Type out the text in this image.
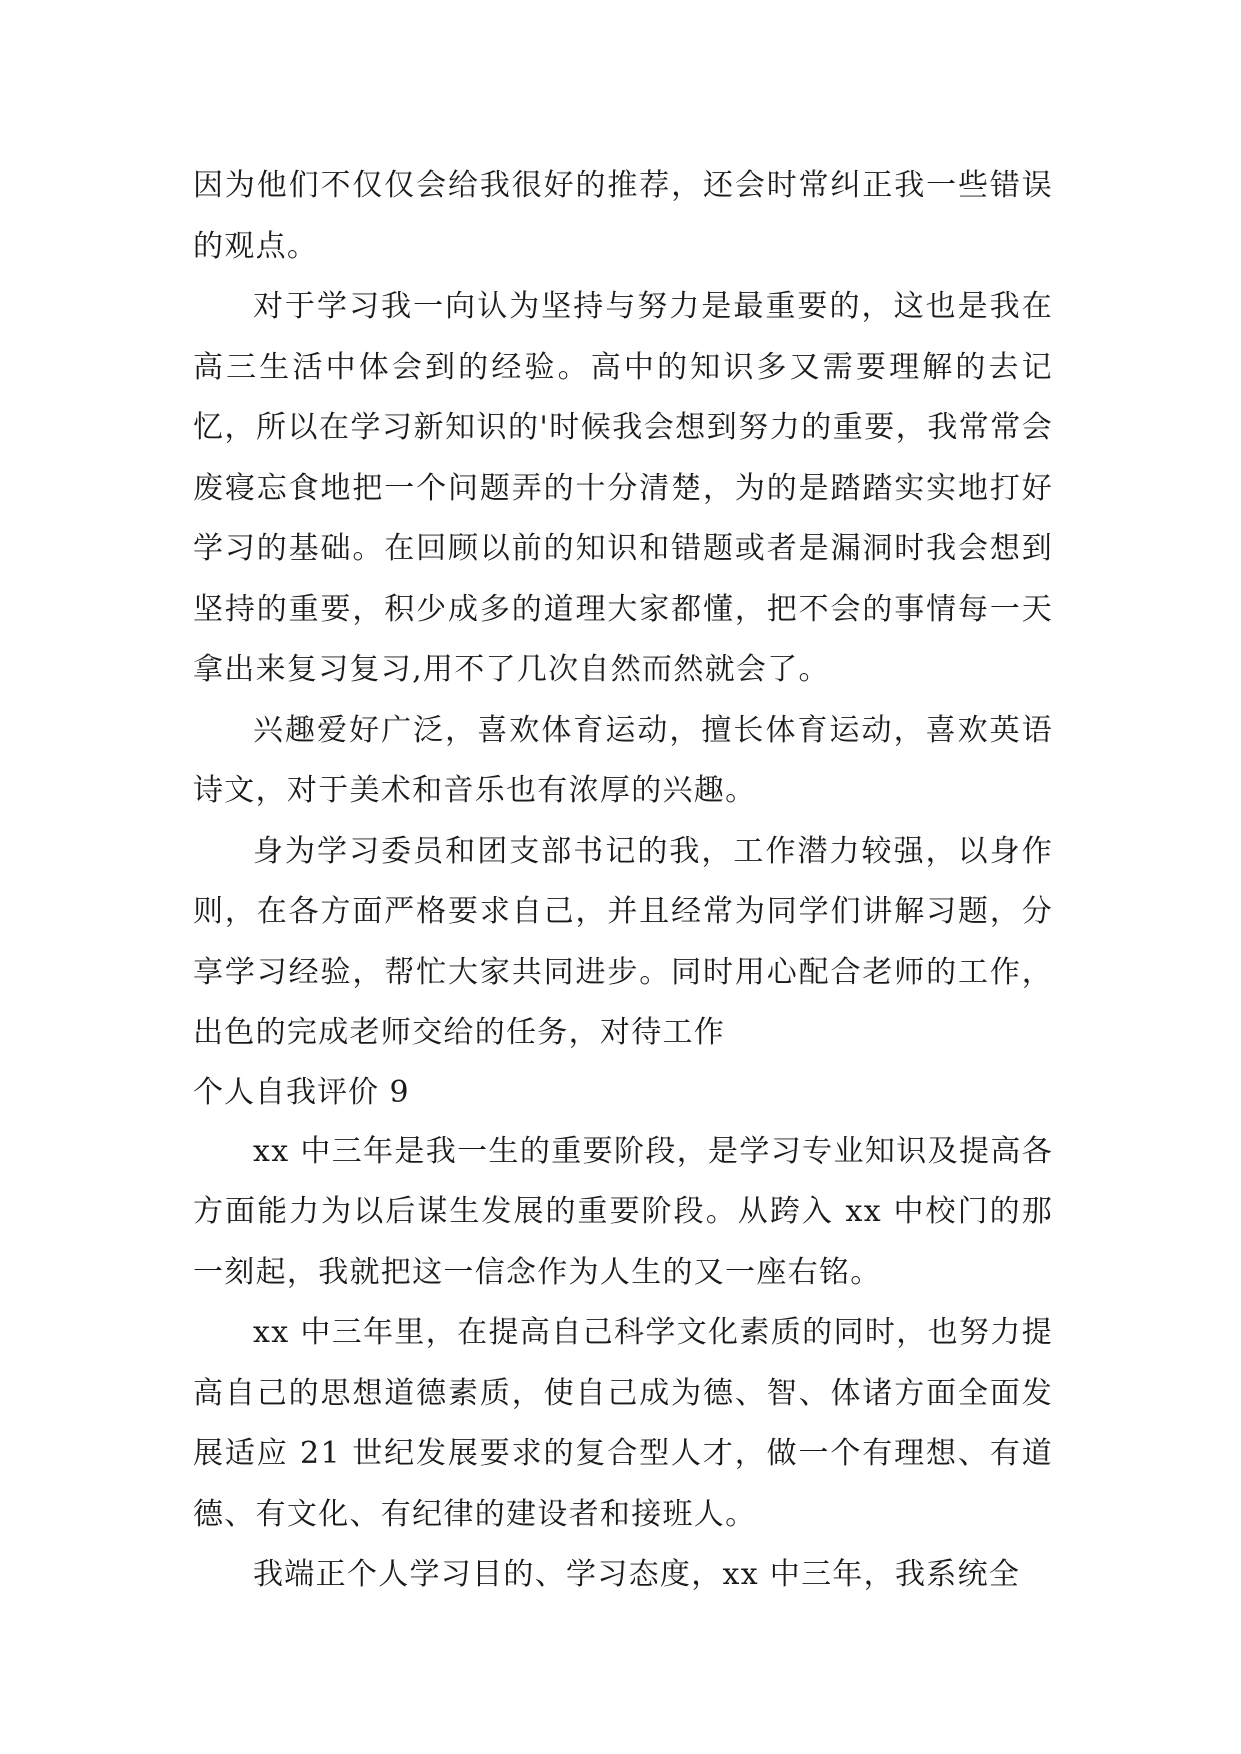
因为他们不仅仅会给我很好的推荐，还会时常纠正我一些错误的观点。

对于学习我一向认为坚持与努力是最重要的，这也是我在高三生活中体会到的经验。高中的知识多又需要理解的去记忆，所以在学习新知识的'时候我会想到努力的重要，我常常会废寝忘食地把一个问题弄的十分清楚，为的是踏踏实实地打好学习的基础。在回顾以前的知识和错题或者是漏洞时我会想到坚持的重要，积少成多的道理大家都懂，把不会的事情每一天拿出来复习复习,用不了几次自然而然就会了。

兴趣爱好广泛，喜欢体育运动，擅长体育运动，喜欢英语诗文，对于美术和音乐也有浓厚的兴趣。

身为学习委员和团支部书记的我，工作潜力较强，以身作则，在各方面严格要求自己，并且经常为同学们讲解习题，分享学习经验，帮忙大家共同进步。同时用心配合老师的工作，出色的完成老师交给的任务，对待工作

个人自我评价 9

xx 中三年是我一生的重要阶段，是学习专业知识及提高各方面能力为以后谋生发展的重要阶段。从跨入 xx 中校门的那一刻起，我就把这一信念作为人生的又一座右铭。

xx 中三年里，在提高自己科学文化素质的同时，也努力提高自己的思想道德素质，使自己成为德、智、体诸方面全面发展适应 21 世纪发展要求的复合型人才，做一个有理想、有道德、有文化、有纪律的建设者和接班人。

我端正个人学习目的、学习态度，xx 中三年，我系统全
